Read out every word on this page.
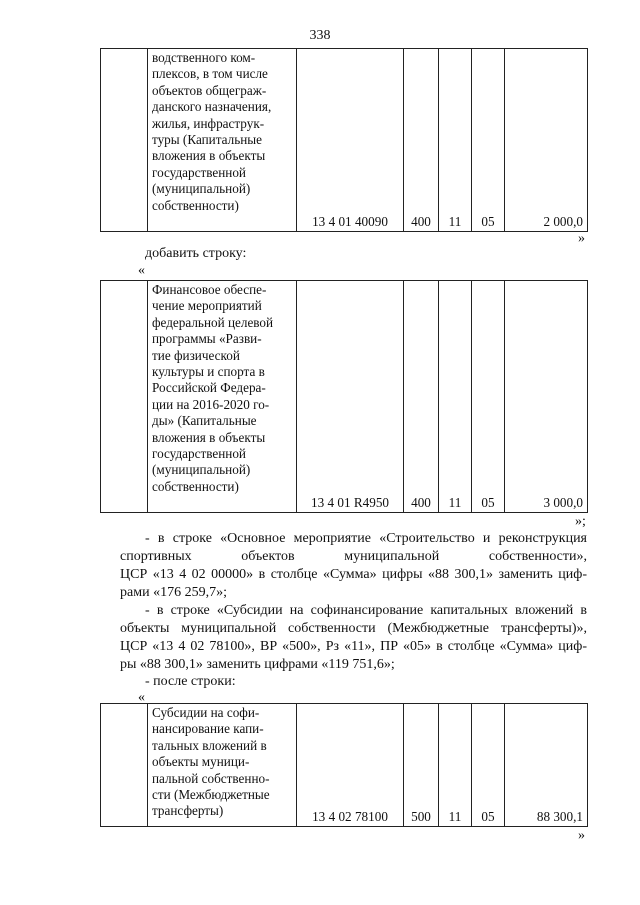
338

водственного ком-
плексов, в том числе
объектов общеграж-
данского назначения,
жилья, инфраструк-
туры (Капитальные
вложения в объекты
государственной
(муниципальной)
собственности)
	13 4 01 40090	400	11	05	2 000,0
»
добавить строку:
«

Финансовое обеспе-
чение мероприятий
федеральной целевой
программы «Разви-
тие физической
культуры и спорта в
Российской Федера-
ции на 2016-2020 го-
ды» (Капитальные
вложения в объекты
государственной
(муниципальной)
собственности)
	13 4 01 R4950	400	11	05	3 000,0
»;
- в строке «Основное мероприятие «Строительство и реконструкция
спортивных объектов муниципальной собственности»,
ЦСР «13 4 02 00000» в столбце «Сумма» цифры «88 300,1» заменить циф-
рами «176 259,7»;
- в строке «Субсидии на софинансирование капитальных вложений в
объекты муниципальной собственности (Межбюджетные трансферты)»,
ЦСР «13 4 02 78100», ВР «500», Рз «11», ПР «05» в столбце «Сумма» циф-
ры «88 300,1» заменить цифрами «119 751,6»;
- после строки:
«

Субсидии на софи-
нансирование капи-
тальных вложений в
объекты муници-
пальной собственно-
сти (Межбюджетные
трансферты)	13 4 02 78100	500	11	05	88 300,1
»
